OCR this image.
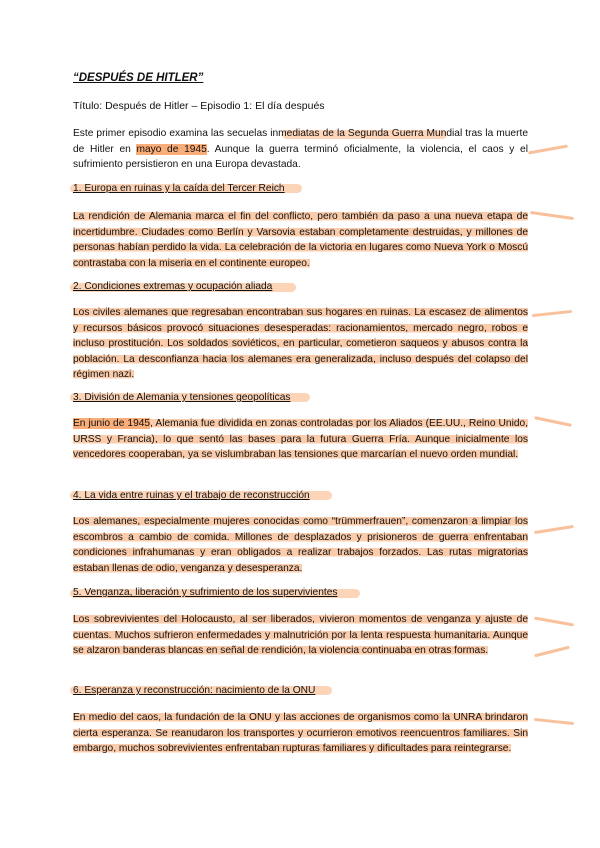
“DESPUÉS DE HITLER”
Título: Después de Hitler – Episodio 1: El día después
Este primer episodio examina las secuelas inmediatas de la Segunda Guerra Mundial tras la muerte de Hitler en mayo de 1945. Aunque la guerra terminó oficialmente, la violencia, el caos y el sufrimiento persistieron en una Europa devastada.
1. Europa en ruinas y la caída del Tercer Reich
La rendición de Alemania marca el fin del conflicto, pero también da paso a una nueva etapa de incertidumbre. Ciudades como Berlín y Varsovia estaban completamente destruidas, y millones de personas habían perdido la vida. La celebración de la victoria en lugares como Nueva York o Moscú contrastaba con la miseria en el continente europeo.
2. Condiciones extremas y ocupación aliada
Los civiles alemanes que regresaban encontraban sus hogares en ruinas. La escasez de alimentos y recursos básicos provocó situaciones desesperadas: racionamientos, mercado negro, robos e incluso prostitución. Los soldados soviéticos, en particular, cometieron saqueos y abusos contra la población. La desconfianza hacia los alemanes era generalizada, incluso después del colapso del régimen nazi.
3. División de Alemania y tensiones geopolíticas
En junio de 1945, Alemania fue dividida en zonas controladas por los Aliados (EE.UU., Reino Unido, URSS y Francia), lo que sentó las bases para la futura Guerra Fría. Aunque inicialmente los vencedores cooperaban, ya se vislumbraban las tensiones que marcarían el nuevo orden mundial.
4. La vida entre ruinas y el trabajo de reconstrucción
Los alemanes, especialmente mujeres conocidas como “trümmerfrauen”, comenzaron a limpiar los escombros a cambio de comida. Millones de desplazados y prisioneros de guerra enfrentaban condiciones infrahumanas y eran obligados a realizar trabajos forzados. Las rutas migratorias estaban llenas de odio, venganza y desesperanza.
5. Venganza, liberación y sufrimiento de los supervivientes
Los sobrevivientes del Holocausto, al ser liberados, vivieron momentos de venganza y ajuste de cuentas. Muchos sufrieron enfermedades y malnutrición por la lenta respuesta humanitaria. Aunque se alzaron banderas blancas en señal de rendición, la violencia continuaba en otras formas.
6. Esperanza y reconstrucción: nacimiento de la ONU
En medio del caos, la fundación de la ONU y las acciones de organismos como la UNRA brindaron cierta esperanza. Se reanudaron los transportes y ocurrieron emotivos reencuentros familiares. Sin embargo, muchos sobrevivientes enfrentaban rupturas familiares y dificultades para reintegrarse.
